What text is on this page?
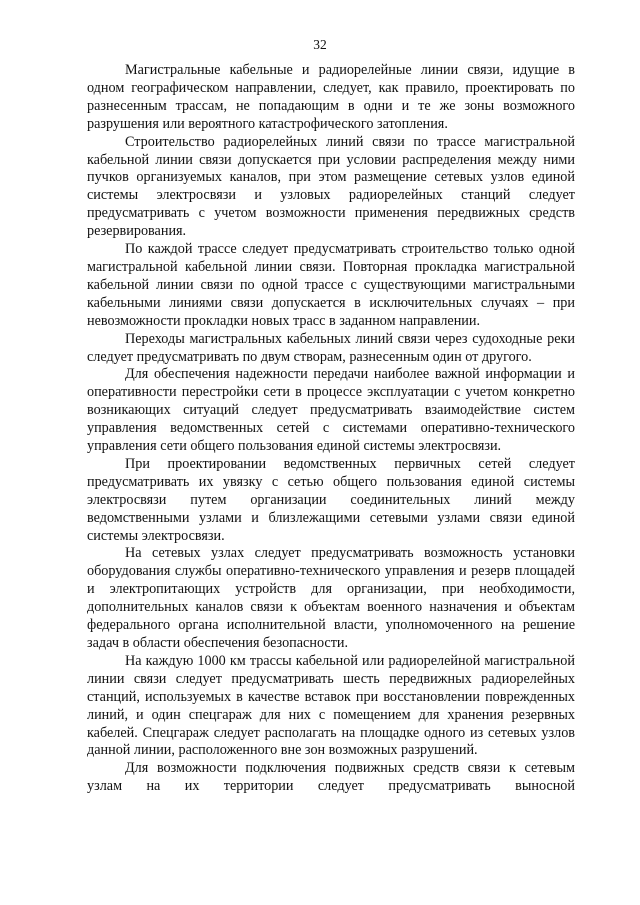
32

Магистральные кабельные и радиорелейные линии связи, идущие в одном географическом направлении, следует, как правило, проектировать по разнесенным трассам, не попадающим в одни и те же зоны возможного разрушения или вероятного катастрофического затопления.

Строительство радиорелейных линий связи по трассе магистральной кабельной линии связи допускается при условии распределения между ними пучков организуемых каналов, при этом размещение сетевых узлов единой системы электросвязи и узловых радиорелейных станций следует предусматривать с учетом возможности применения передвижных средств резервирования.

По каждой трассе следует предусматривать строительство только одной магистральной кабельной линии связи. Повторная прокладка магистральной кабельной линии связи по одной трассе с существующими магистральными кабельными линиями связи допускается в исключительных случаях – при невозможности прокладки новых трасс в заданном направлении.

Переходы магистральных кабельных линий связи через судоходные реки следует предусматривать по двум створам, разнесенным один от другого.

Для обеспечения надежности передачи наиболее важной информации и оперативности перестройки сети в процессе эксплуатации с учетом конкретно возникающих ситуаций следует предусматривать взаимодействие систем управления ведомственных сетей с системами оперативно-технического управления сети общего пользования единой системы электросвязи.

При проектировании ведомственных первичных сетей следует предусматривать их увязку с сетью общего пользования единой системы электросвязи путем организации соединительных линий между ведомственными узлами и близлежащими сетевыми узлами связи единой системы электросвязи.

На сетевых узлах следует предусматривать возможность установки оборудования службы оперативно-технического управления и резерв площадей и электропитающих устройств для организации, при необходимости, дополнительных каналов связи к объектам военного назначения и объектам федерального органа исполнительной власти, уполномоченного на решение задач в области обеспечения безопасности.

На каждую 1000 км трассы кабельной или радиорелейной магистральной линии связи следует предусматривать шесть передвижных радиорелейных станций, используемых в качестве вставок при восстановлении поврежденных линий, и один спецгараж для них с помещением для хранения резервных кабелей. Спецгараж следует располагать на площадке одного из сетевых узлов данной линии, расположенного вне зон возможных разрушений.

Для возможности подключения подвижных средств связи к сетевым узлам на их территории следует предусматривать выносной
